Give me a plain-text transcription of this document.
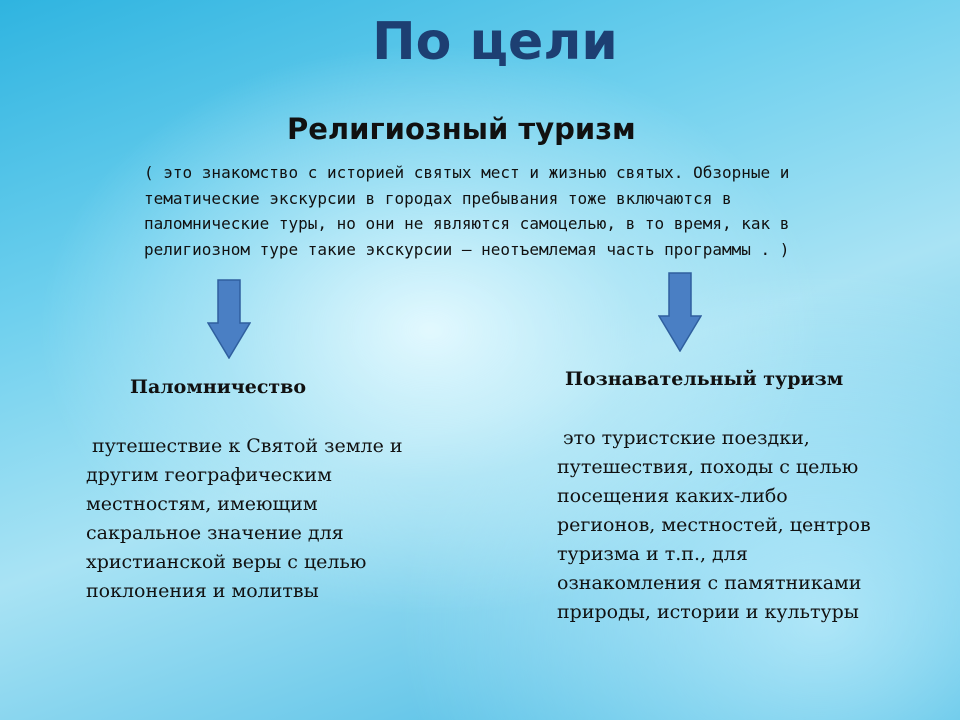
По цели
Религиозный туризм

( это знакомство с историей святых мест и жизнью святых. Обзорные и
тематические экскурсии в городах пребывания тоже включаются в
паломнические туры, но они не являются самоцелью, в то время, как в
религиозном туре такие экскурсии – неотъемлемая часть программы . )

Паломничество

путешествие к Святой земле и
другим географическим
местностям, имеющим
сакральное значение для
христианской веры с целью
поклонения и молитвы

Познавательный туризм

это туристские поездки,
путешествия, походы с целью
посещения каких-либо
регионов, местностей, центров
туризма и т.п., для
ознакомления с памятниками
природы, истории и культуры
